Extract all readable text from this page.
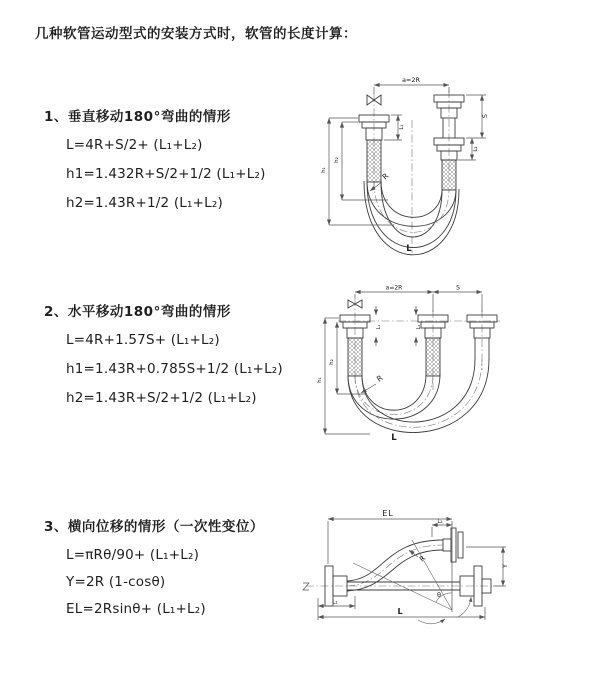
几种软管运动型式的安装方式时，软管的长度计算：
1、垂直移动180°弯曲的情形
L=4R+S/2+ (L₁+L₂)
h1=1.432R+S/2+1/2 (L₁+L₂)
h2=1.43R+1/2 (L₁+L₂)
2、水平移动180°弯曲的情形
L=4R+1.57S+ (L₁+L₂)
h1=1.43R+0.785S+1/2 (L₁+L₂)
h2=1.43R+S/2+1/2 (L₁+L₂)
3、横向位移的情形（一次性变位）
L=πRθ/90+ (L₁+L₂)
Y=2R (1-cosθ)
EL=2Rsinθ+ (L₁+L₂)
a=2R
S
L₂
L₁
h₁
h₂
R
L
a=2R	S
L₁	L₂
h₁
h₂
R
L
EL
L₂
Y
R
θ
L
L₁
